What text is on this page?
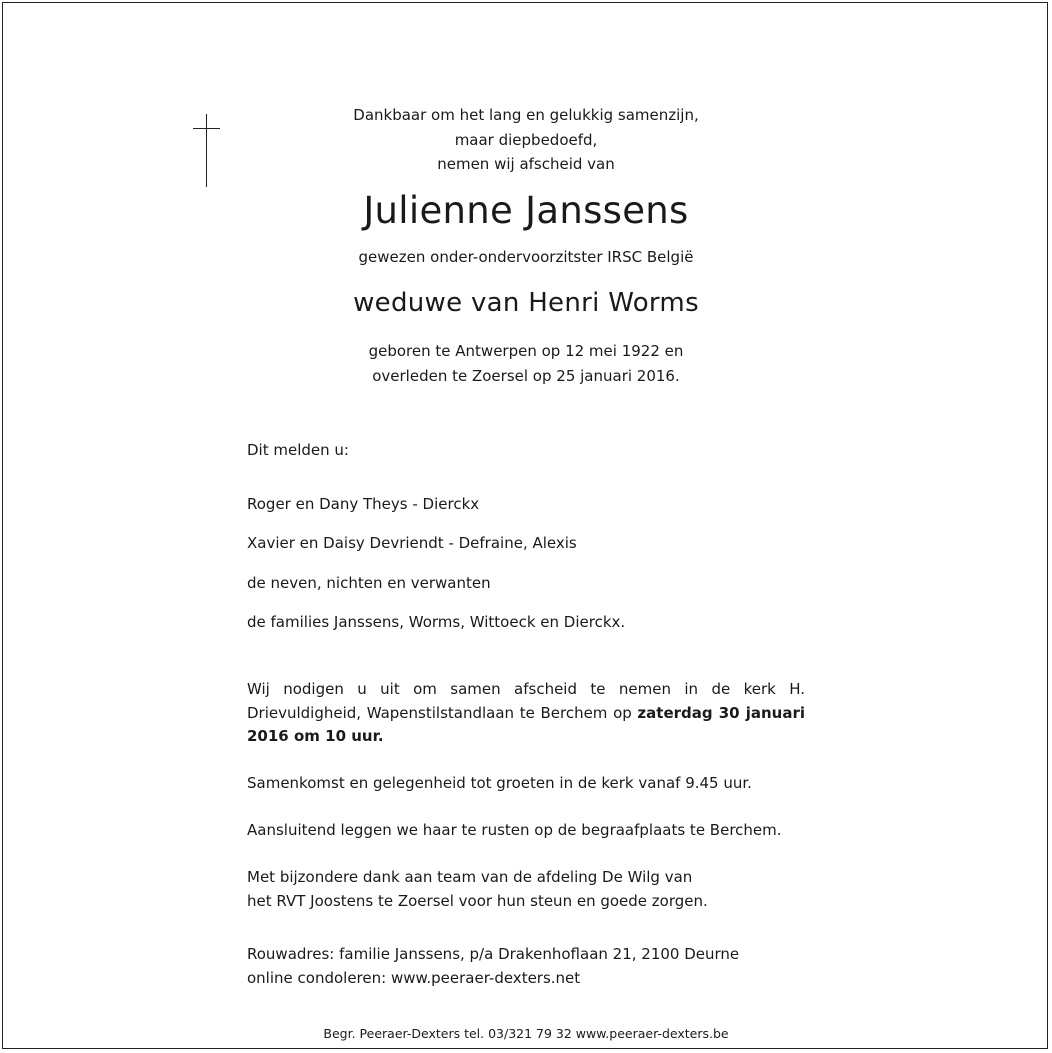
Dankbaar om het lang en gelukkig samenzijn,
maar diepbedoefd,
nemen wij afscheid van
Julienne Janssens
gewezen onder-ondervoorzitster IRSC België
weduwe van Henri Worms
geboren te Antwerpen op 12 mei 1922 en
overleden te Zoersel op 25 januari 2016.
Dit melden u:
Roger en Dany Theys - Dierckx
Xavier en Daisy Devriendt - Defraine, Alexis
de neven, nichten en verwanten
de families Janssens, Worms, Wittoeck en Dierckx.
Wij nodigen u uit om samen afscheid te nemen in de kerk H. Drievuldigheid, Wapenstilstandlaan te Berchem op zaterdag 30 januari 2016 om 10 uur.
Samenkomst en gelegenheid tot groeten in de kerk vanaf 9.45 uur.
Aansluitend leggen we haar te rusten op de begraafplaats te Berchem.
Met bijzondere dank aan team van de afdeling De Wilg van
het RVT Joostens te Zoersel voor hun steun en goede zorgen.
Rouwadres: familie Janssens, p/a Drakenhoflaan 21, 2100 Deurne
online condoleren: www.peeraer-dexters.net
Begr. Peeraer-Dexters tel. 03/321 79 32 www.peeraer-dexters.be
